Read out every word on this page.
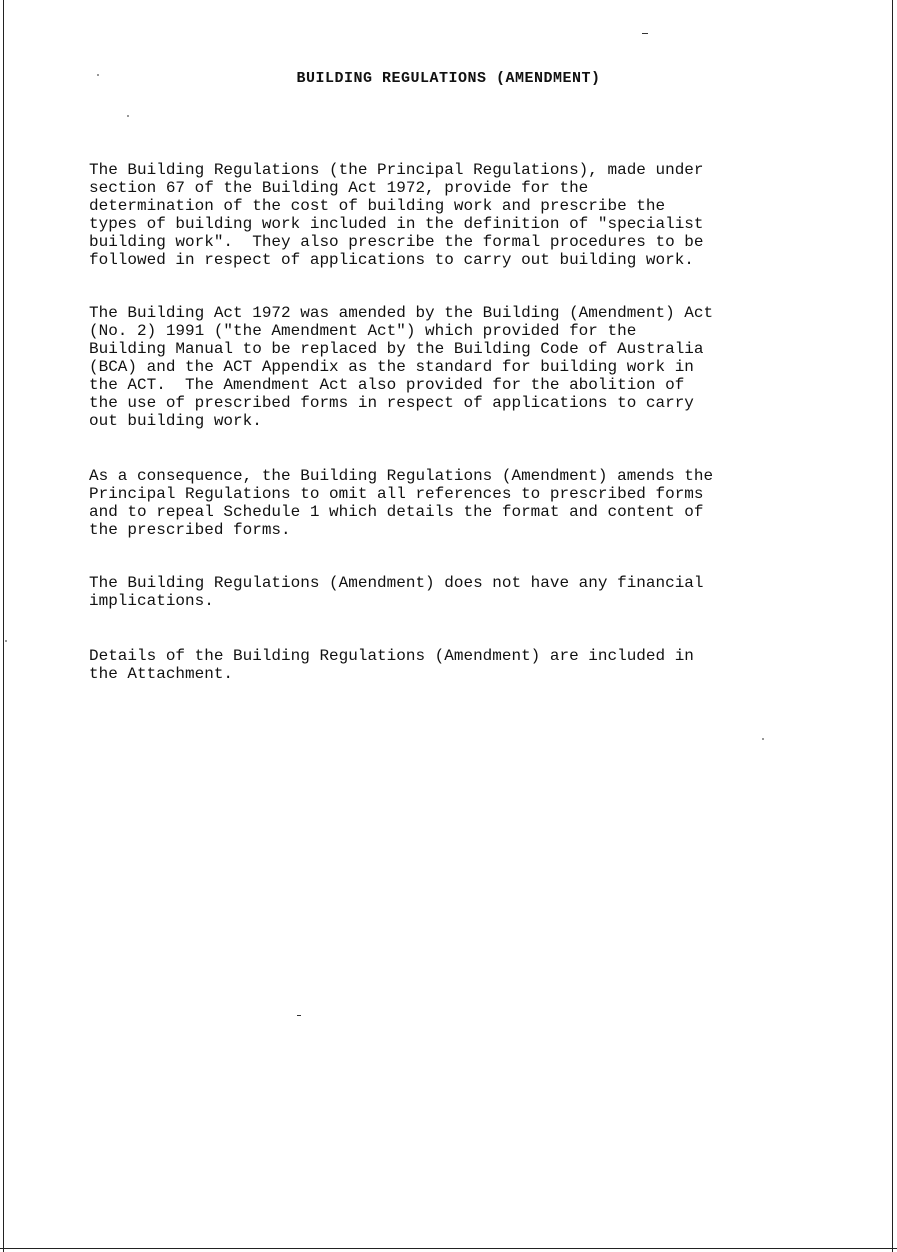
BUILDING REGULATIONS (AMENDMENT)
The Building Regulations (the Principal Regulations), made under
section 67 of the Building Act 1972, provide for the
determination of the cost of building work and prescribe the
types of building work included in the definition of "specialist
building work".  They also prescribe the formal procedures to be
followed in respect of applications to carry out building work.
The Building Act 1972 was amended by the Building (Amendment) Act
(No. 2) 1991 ("the Amendment Act") which provided for the
Building Manual to be replaced by the Building Code of Australia
(BCA) and the ACT Appendix as the standard for building work in
the ACT.  The Amendment Act also provided for the abolition of
the use of prescribed forms in respect of applications to carry
out building work.
As a consequence, the Building Regulations (Amendment) amends the
Principal Regulations to omit all references to prescribed forms
and to repeal Schedule 1 which details the format and content of
the prescribed forms.
The Building Regulations (Amendment) does not have any financial
implications.
Details of the Building Regulations (Amendment) are included in
the Attachment.
